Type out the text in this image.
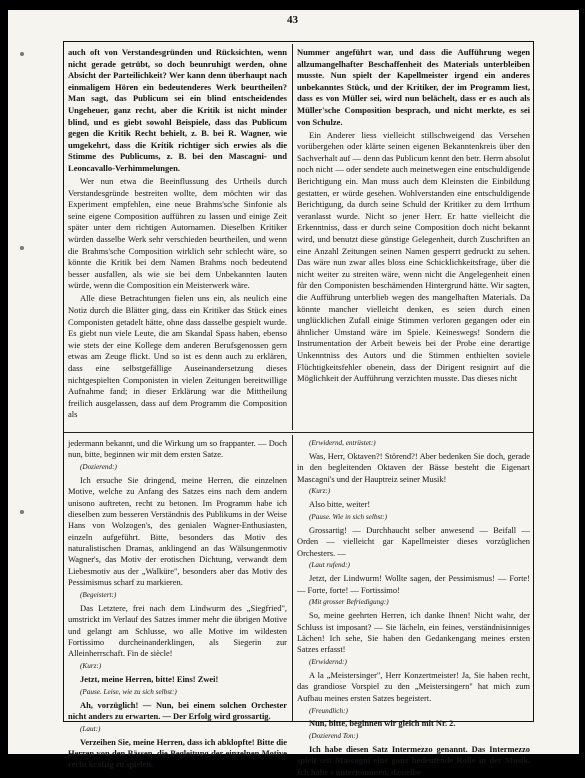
43

auch oft von Verstandesgründen und Rücksichten, wenn nicht gerade getrübt, so doch beunruhigt werden, ohne Absicht der Parteilichkeit? Wer kann denn überhaupt nach einmaligem Hören ein bedeutenderes Werk beurtheilen? Man sagt, das Publicum sei ein blind entscheidendes Ungeheuer, ganz recht, aber die Kritik ist nicht minder blind, und es giebt sowohl Beispiele, dass das Publicum gegen die Kritik Recht behielt, z. B. bei R. Wagner, wie umgekehrt, dass die Kritik richtiger sich erwies als die Stimme des Publicums, z. B. bei den Mascagni- und Leoncavallo-Verhimmelungen.

Wer nun etwa die Beeinflussung des Urtheils durch Verstandesgründe bestreiten wollte, dem möchten wir das Experiment empfehlen, eine neue Brahms'sche Sinfonie als seine eigene Composition aufführen zu lassen und einige Zeit später unter dem richtigen Autornamen. Dieselben Kritiker würden dasselbe Werk sehr verschieden beurtheilen, und wenn die Brahms'sche Composition wirklich sehr schlecht wäre, so könnte die Kritik bei dem Namen Brahms noch bedeutend besser ausfallen, als wie sie bei dem Unbekannten lauten würde, wenn die Composition ein Meisterwerk wäre.

Alle diese Betrachtungen fielen uns ein, als neulich eine Notiz durch die Blätter ging, dass ein Kritiker das Stück eines Componisten getadelt hätte, ohne dass dasselbe gespielt wurde. Es giebt nun viele Leute, die am Skandal Spass haben, ebenso wie stets der eine Kollege dem anderen Berufsgenossen gern etwas am Zeuge flickt. Und so ist es denn auch zu erklären, dass eine selbstgefällige Auseinandersetzung dieses nichtgespielten Componisten in vielen Zeitungen bereitwillige Aufnahme fand; in dieser Erklärung war die Mittheilung freilich ausgelassen, dass auf dem Programm die Composition als

Nummer angeführt war, und dass die Aufführung wegen allzumangelhafter Beschaffenheit des Materials unterbleiben musste. Nun spielt der Kapellmeister irgend ein anderes unbekanntes Stück, und der Kritiker, der im Programm liest, dass es von Müller sei, wird nun belächelt, dass er es auch als Müller'sche Composition besprach, und nicht merkte, es sei von Schulze.

Ein Anderer liess vielleicht stillschweigend das Versehen vorübergehen oder klärte seinen eigenen Bekanntenkreis über den Sachverhalt auf — denn das Publicum kennt den betr. Herrn absolut noch nicht — oder sendete auch meinetwegen eine entschuldigende Berichtigung ein. Man muss auch dem Kleinsten die Einbildung gestatten, er würde gesehen. Wohlverstanden eine entschuldigende Berichtigung, da durch seine Schuld der Kritiker zu dem Irrthum veranlasst wurde. Nicht so jener Herr. Er hatte vielleicht die Erkenntniss, dass er durch seine Composition doch nicht bekannt wird, und benutzt diese günstige Gelegenheit, durch Zuschriften an eine Anzahl Zeitungen seinen Namen gesperrt gedruckt zu sehen. Das wäre nun zwar alles bloss eine Schicklichkeitsfrage, über die nicht weiter zu streiten wäre, wenn nicht die Angelegenheit einen für den Componisten beschämenden Hintergrund hätte. Wir sagten, die Aufführung unterblieb wegen des mangelhaften Materials. Da könnte mancher vielleicht denken, es seien durch einen unglücklichen Zufall einige Stimmen verloren gegangen oder ein ähnlicher Umstand wäre im Spiele. Keineswegs! Sondern die Instrumentation der Arbeit beweis bei der Probe eine derartige Unkenntniss des Autors und die Stimmen enthielten soviele Flüchtigkeitsfehler obenein, dass der Dirigent resignirt auf die Möglichkeit der Aufführung verzichten musste. Das dieses nicht

jedermann bekannt, und die Wirkung um so frappanter. — Doch nun, bitte, beginnen wir mit dem ersten Satze.

(Dozierend:)

Ich ersuche Sie dringend, meine Herren, die einzelnen Motive, welche zu Anfang des Satzes eins nach dem andern unisono auftreten, recht zu betonen. Im Programm habe ich dieselben zum besseren Verständnis des Publikums in der Weise Hans von Wolzogen's, des genialen Wagner-Enthusiasten, einzeln aufgeführt. Bitte, besonders das Motiv des naturalistischen Dramas, anklingend an das Wälsungenmotiv Wagner's, das Motiv der erotischen Dichtung, verwandt dem Liebesmotiv aus der „Walküre", besonders aber das Motiv des Pessimismus scharf zu markieren.

(Begeistert:)

Das Letztere, frei nach dem Lindwurm des „Siegfried", umstrickt im Verlauf des Satzes immer mehr die übrigen Motive und gelangt am Schlusse, wo alle Motive im wildesten Fortissimo durcheinanderklingen, als Siegerin zur Alleinherrschaft. Fin de siècle!

(Kurz:)

Jetzt, meine Herren, bitte! Eins! Zwei!

(Pause. Leise, wie zu sich selbst:)

Ah, vorzüglich! — Nun, bei einem solchen Orchester nicht anders zu erwarten. — Der Erfolg wird grossartig.

(Laut:)

Verzeihen Sie, meine Herren, dass ich abklopfte! Bitte die Herren von den Bässen, die Begleitung der einzelnen Motive recht kräftig zu spielen.

(Erwidernd, entrüstet:)

Was, Herr, Oktaven?! Störend?! Aber bedenken Sie doch, gerade in den begleitenden Oktaven der Bässe besteht die Eigenart Mascagni's und der Hauptreiz seiner Musik!

(Kurz:)

Also bitte, weiter!

(Pause. Wie in sich selbst:)

Grossartig! — Durchhaucht selber anwesend — Beifall — Orden — vielleicht gar Kapellmeister dieses vorzüglichen Orchesters. —

(Laut rufend:)

Jetzt, der Lindwurm! Wollte sagen, der Pessimismus! — Forte! — Forte, forte! — Fortissimo!

(Mit grosser Befriedigung:)

So, meine geehrten Herren, ich danke Ihnen! Nicht wahr, der Schluss ist imposant? — Sie lächeln, ein feines, verständnisinniges Lächen! Ich sehe, Sie haben den Gedankengang meines ersten Satzes erfasst!

(Erwidernd:)

A la „Meistersinger", Herr Konzertmeister! Ja, Sie haben recht, das grandiose Vorspiel zu den „Meistersingern" hat mich zum Aufbau meines ersten Satzes begeistert.

(Freundlich:)

Nun, bitte, beginnen wir gleich mit Nr. 2.

(Dozierend Ton:)

Ich habe diesen Satz Intermezzo genannt. Das Intermezzo spielt seit Mascagni eine ganz bedeutende Rolle in der Musik. Ich habe s unternommen, dasselbe
